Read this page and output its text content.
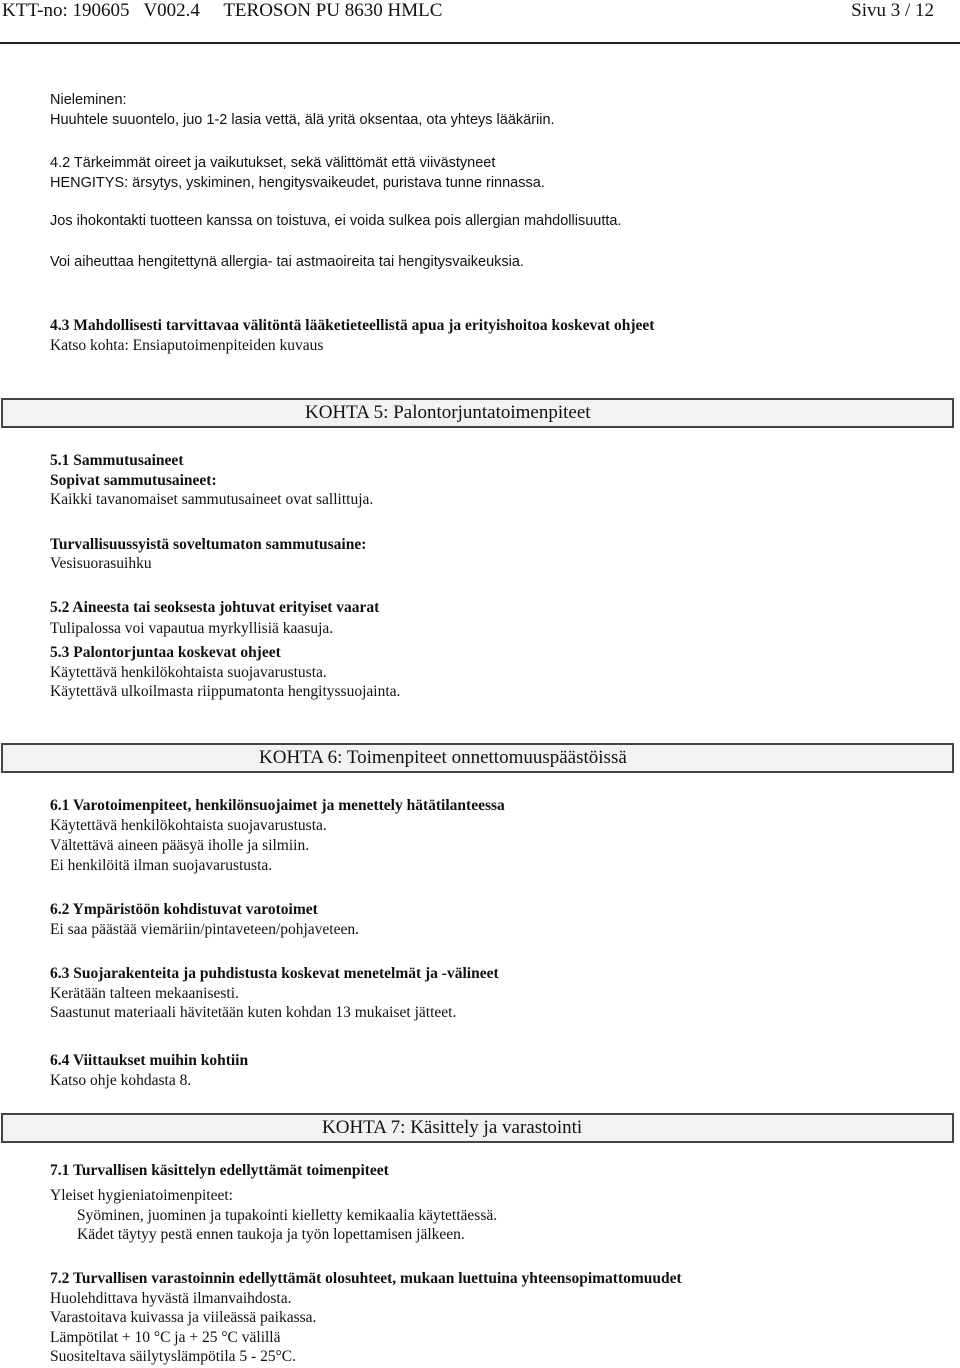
KTT-no: 190605   V002.4     TEROSON PU 8630 HMLC	Sivu 3 / 12
Nieleminen:
Huuhtele suuontelo, juo 1-2 lasia vettä, älä yritä oksentaa, ota yhteys lääkäriin.
4.2 Tärkeimmät oireet ja vaikutukset, sekä välittömät että viivästyneet
HENGITYS: ärsytys, yskiminen, hengitysvaikeudet, puristava tunne rinnassa.
Jos ihokontakti tuotteen kanssa on toistuva, ei voida sulkea pois allergian mahdollisuutta.
Voi aiheuttaa hengitettynä allergia- tai astmaoireita tai hengitysvaikeuksia.
4.3 Mahdollisesti tarvittavaa välitöntä lääketieteellistä apua ja erityishoitoa koskevat ohjeet
Katso kohta: Ensiaputoimenpiteiden kuvaus
KOHTA 5: Palontorjuntatoimenpiteet
5.1 Sammutusaineet
Sopivat sammutusaineet:
Kaikki tavanomaiset sammutusaineet ovat sallittuja.
Turvallisuussyistä soveltumaton sammutusaine:
Vesisuorasuihku
5.2 Aineesta tai seoksesta johtuvat erityiset vaarat
Tulipalossa voi vapautua myrkyllisiä kaasuja.
5.3 Palontorjuntaa koskevat ohjeet
Käytettävä henkilökohtaista suojavarustusta.
Käytettävä ulkoilmasta riippumatonta hengityssuojainta.
KOHTA 6: Toimenpiteet onnettomuuspäästöissä
6.1 Varotoimenpiteet, henkilönsuojaimet ja menettely hätätilanteessa
Käytettävä henkilökohtaista suojavarustusta.
Vältettävä aineen pääsyä iholle ja silmiin.
Ei henkilöitä ilman suojavarustusta.
6.2 Ympäristöön kohdistuvat varotoimet
Ei saa päästää viemäriin/pintaveteen/pohjaveteen.
6.3 Suojarakenteita ja puhdistusta koskevat menetelmät ja -välineet
Kerätään talteen mekaanisesti.
Saastunut materiaali hävitetään kuten kohdan 13 mukaiset jätteet.
6.4 Viittaukset muihin kohtiin
Katso ohje kohdasta 8.
KOHTA 7: Käsittely ja varastointi
7.1 Turvallisen käsittelyn edellyttämät toimenpiteet
Yleiset hygieniatoimenpiteet:
Syöminen, juominen ja tupakointi kielletty kemikaalia käytettäessä.
Kädet täytyy pestä ennen taukoja ja työn lopettamisen jälkeen.
7.2 Turvallisen varastoinnin edellyttämät olosuhteet, mukaan luettuina yhteensopimattomuudet
Huolehdittava hyvästä ilmanvaihdosta.
Varastoitava kuivassa ja viileässä paikassa.
Lämpötilat + 10 °C ja + 25 °C välillä
Suositeltava säilytyslämpötila 5 - 25°C.
